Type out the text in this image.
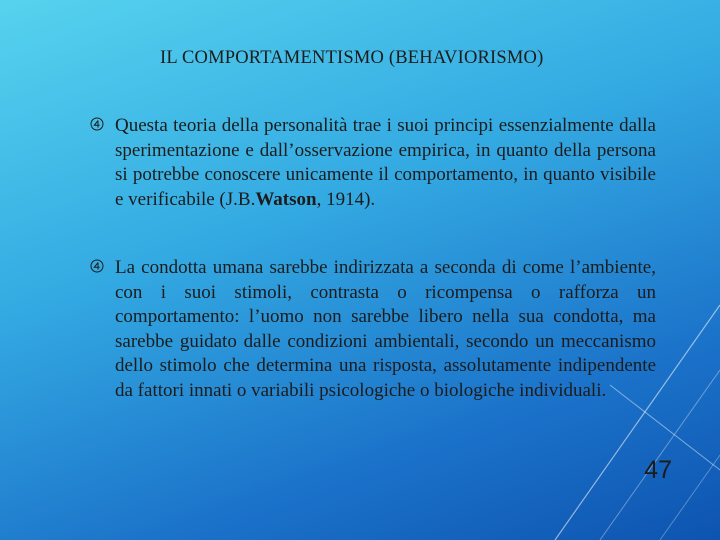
IL COMPORTAMENTISMO (BEHAVIORISMO)
Questa teoria della personalità trae i suoi principi essenzialmente dalla sperimentazione e dall’osservazione empirica, in quanto della persona si potrebbe conoscere unicamente il comportamento, in quanto visibile e verificabile (J.B.Watson, 1914).
La condotta umana sarebbe indirizzata a seconda di come l’ambiente, con i suoi stimoli, contrasta o ricompensa o rafforza un comportamento: l’uomo non sarebbe libero nella sua condotta, ma sarebbe guidato dalle condizioni ambientali, secondo un meccanismo dello stimolo che determina una risposta, assolutamente indipendente da fattori innati o variabili psicologiche o biologiche individuali.
47
